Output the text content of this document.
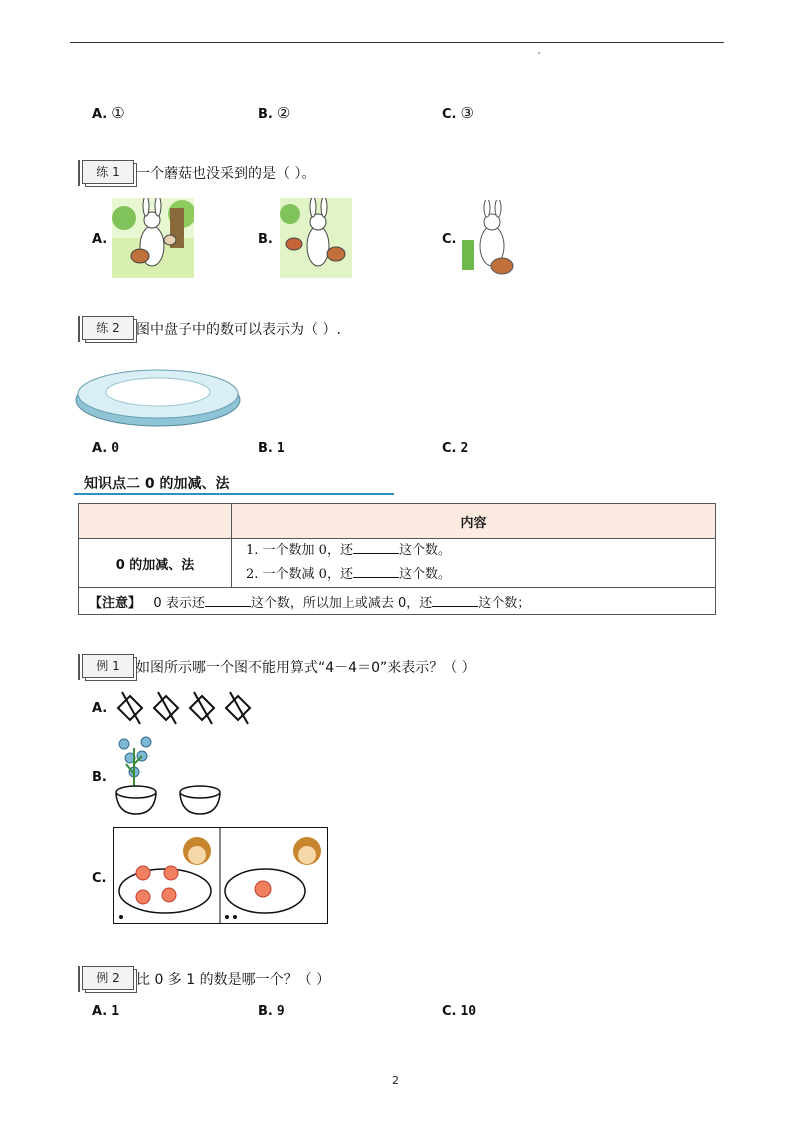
A. ①	B. ②	C. ③
练 1	一个蘑菇也没采到的是（ ）。
A.	B.	C.
练 2	图中盘子中的数可以表示为（ ）.
A. 0	B. 1	C. 2
知识点二 0 的加减、法
	内容
0 的加减、法	1. 一个数加 0，还 这个数。
2. 一个数减 0，还 这个数。

【注意】 0 表示还 这个数，所以加上或减去 0，还 这个数；	
例 1	如图所示哪一个图不能用算式“4－4＝0”来表示？（ ）
A.
B.
C.
例 2	比 0 多 1 的数是哪一个？（ ）
A. 1	B. 9	C. 10
2
